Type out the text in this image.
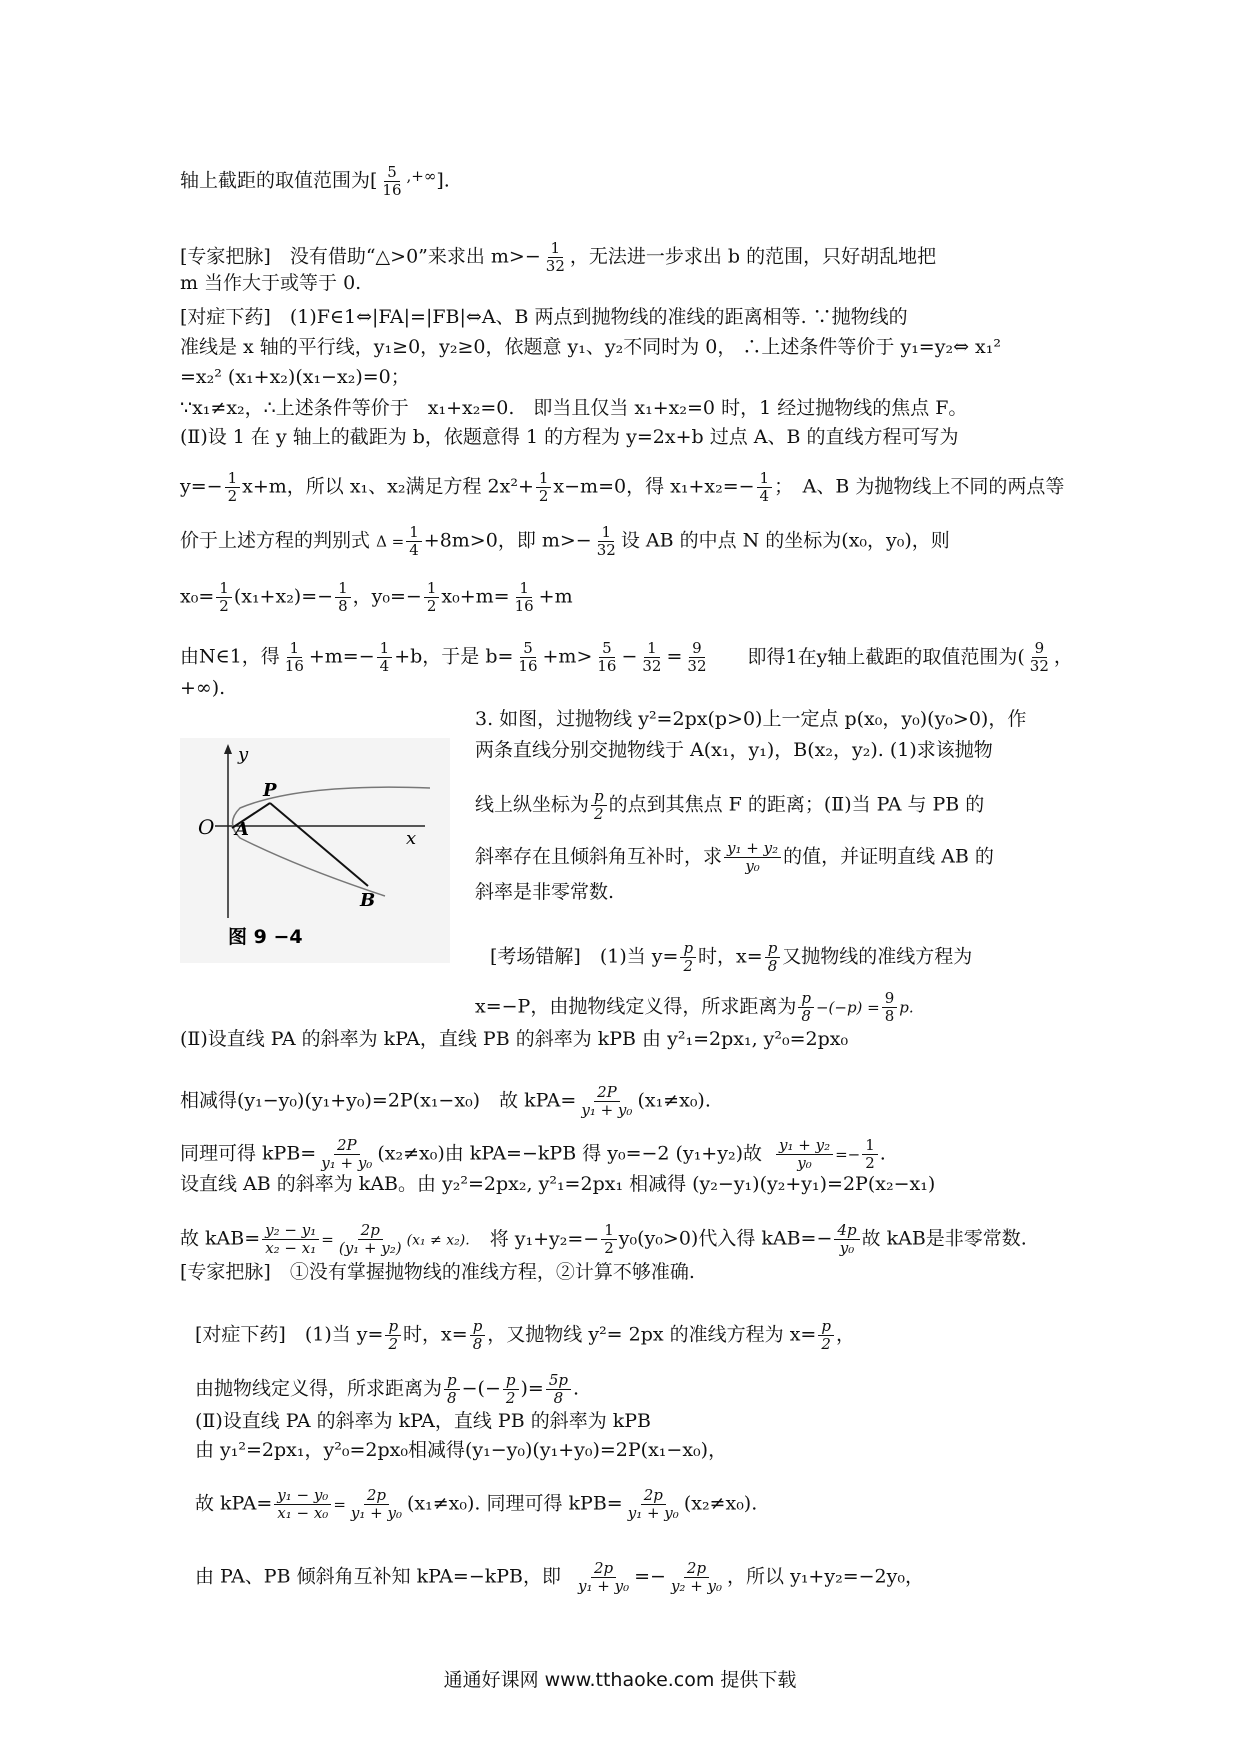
轴上截距的取值范围为[ $\frac{5}{16} ^{,+\infty}$].
[专家把脉]　没有借助“△>0”来求出 $m>- \frac{1}{32}$ ，无法进一步求出 b 的范围，只好胡乱地把
m 当作大于或等于 0.
[对症下药]　(1)F∈1⇔|FA|=|FB|⇔A、B 两点到抛物线的准线的距离相等. ∵抛物线的
准线是 x 轴的平行线，y₁≥0，y₂≥0，依题意 y₁、y₂不同时为 0， ∴上述条件等价于 y₁=y₂⇔ x₁²
=x₂² (x₁+x₂)(x₁−x₂)=0；
∵x₁≠x₂，∴上述条件等价于　x₁+x₂=0.　即当且仅当 x₁+x₂=0 时，1 经过抛物线的焦点 F。
(Ⅱ)设 1 在 y 轴上的截距为 b，依题意得 1 的方程为 y=2x+b 过点 A、B 的直线方程可写为
$y=- \frac{1}{2} x+m$，所以 x₁、x₂满足方程 $2x^2+ \frac{1}{2} x-m=0$，得 $x_1+x_2=- \frac{1}{4}$ ；　A、B 为抛物线上不同的两点等
价于上述方程的判别式 $\Delta = \frac{1}{4} +8m>0$，即 $m>- \frac{1}{32}$ 设 AB 的中点 N 的坐标为(x₀，y₀)，则
$x_0= \frac{1}{2} (x_1+x_2)=- \frac{1}{8}$ ，$y_0=- \frac{1}{2} x_0+m= \frac{1}{16} +m$
由N∈1，得 $\frac{1}{16} +m=- \frac{1}{4} +b$，于是 $b= \frac{5}{16} +m> \frac{5}{16} - \frac{1}{32} = \frac{9}{32}$ 即得1在y轴上截距的取值范围为( $\frac{9}{32}$ ，
+∞).
3. 如图，过抛物线 y²=2px(p>0)上一定点 p(x₀，y₀)(y₀>0)，作
两条直线分别交抛物线于 A(x₁，y₁)，B(x₂，y₂). (1)求该抛物
线上纵坐标为 $\frac{p}{2}$ 的点到其焦点 F 的距离；(Ⅱ)当 PA 与 PB 的
斜率存在且倾斜角互补时，求 $\frac{\text{y₁ + y₂}}{\text{y₀}}$ 的值，并证明直线 AB 的
斜率是非零常数.
y
x
O A
P
B
图 9 −4
[考场错解]　(1)当 $y= \frac{p}{2}$ 时，$x= \frac{p}{8}$ 又抛物线的准线方程为
x=−P，由抛物线定义得，所求距离为 $\frac{p}{8} -(-p) = \frac{9}{8} p$.
(Ⅱ)设直线 PA 的斜率为 kPA，直线 PB 的斜率为 kPB 由 y²₁=2px₁, y²₀=2px₀
相减得(y₁−y₀)(y₁+y₀)=2P(x₁−x₀)　故 $kPA= \frac{2P}{\text{y₁ + y₀}} (x_1\ne x_0)$.
同理可得 $kPB= \frac{2P}{\text{y₁ + y₀}} (x_2\ne x_0)$由 kPA=−kPB 得 y₀=−2 (y₁+y₂)故 $\frac{\text{y₁ + y₂}}{\text{y₀}} =- \frac{1}{2}$ .
设直线 AB 的斜率为 kAB。由 y₂²=2px₂, y²₁=2px₁ 相减得 (y₂−y₁)(y₂+y₁)=2P(x₂−x₁)
故 $kAB= \frac{\text{y₂ − y₁}}{\text{x₂ − x₁}} = \frac{2p}{\text{(y₁ + y₂)}} (x_1 \ne x_2)$. 将 $y_1+y_2=- \frac{1}{2} y_0(y_0>0)$代入得 $kAB=- \frac{4p}{\text{y₀}}$ 故 kAB是非零常数.
[专家把脉]　①没有掌握抛物线的准线方程，②计算不够准确.
[对症下药]　(1)当 $y= \frac{p}{2}$ 时，$x= \frac{p}{8}$ ，又抛物线 y²= 2px 的准线方程为 $x= \frac{p}{2}$ ，
由抛物线定义得，所求距离为 $\frac{p}{8}$ −(− $\frac{p}{2}$ )= $\frac{5p}{8}$ .
(Ⅱ)设直线 PA 的斜率为 kPA，直线 PB 的斜率为 kPB
由 y₁²=2px₁，y²₀=2px₀相减得(y₁−y₀)(y₁+y₀)=2P(x₁−x₀)，
故 $kPA= \frac{\text{y₁ − y₀}}{\text{x₁ − x₀}} = \frac{2p}{\text{y₁ + y₀}} (x_1\ne x_0)$. 同理可得 $kPB= \frac{2p}{\text{y₁ + y₀}} (x_2\ne x_0)$.
由 PA、PB 倾斜角互补知 kPA=−kPB，即 $\frac{2p}{\text{y₁ + y₀}} =- \frac{2p}{\text{y₂ + y₀}}$ ，所以 y₁+y₂=−2y₀，
通通好课网 www.tthaoke.com 提供下载
